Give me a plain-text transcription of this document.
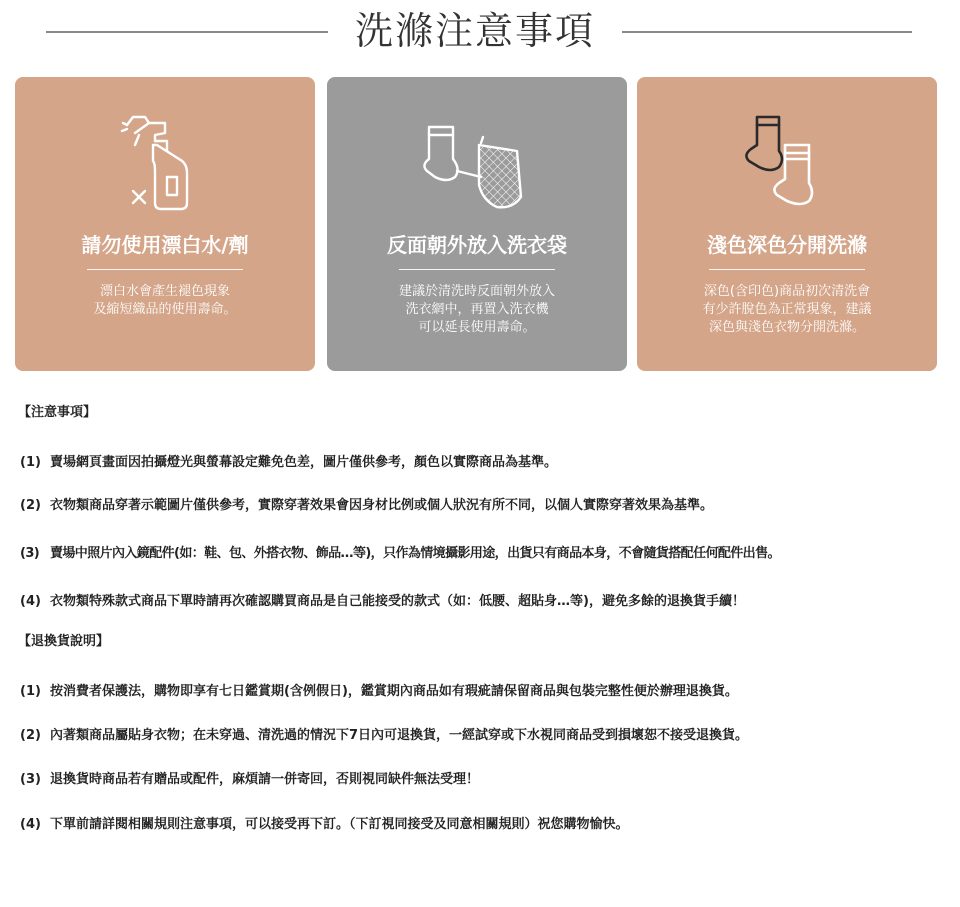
洗滌注意事項
請勿使用漂白水/劑
漂白水會產生褪色現象
及縮短織品的使用壽命。
反面朝外放入洗衣袋
建議於清洗時反面朝外放入
洗衣網中，再置入洗衣機
可以延長使用壽命。
淺色深色分開洗滌
深色(含印色)商品初次清洗會
有少許脫色為正常現象，建議
深色與淺色衣物分開洗滌。
【注意事項】
(1) 賣場網頁畫面因拍攝燈光與螢幕設定難免色差，圖片僅供參考，顏色以實際商品為基準。
(2) 衣物類商品穿著示範圖片僅供參考，實際穿著效果會因身材比例或個人狀況有所不同，以個人實際穿著效果為基準。
(3) 賣場中照片內入鏡配件(如：鞋、包、外搭衣物、飾品…等)，只作為情境攝影用途，出貨只有商品本身，不會隨貨搭配任何配件出售。
(4) 衣物類特殊款式商品下單時請再次確認購買商品是自己能接受的款式（如：低腰、超貼身…等)，避免多餘的退換貨手續！
【退換貨說明】
(1) 按消費者保護法，購物即享有七日鑑賞期(含例假日)，鑑賞期內商品如有瑕疵請保留商品與包裝完整性便於辦理退換貨。
(2) 內著類商品屬貼身衣物；在未穿過、清洗過的情況下7日內可退換貨，一經試穿或下水視同商品受到損壞恕不接受退換貨。
(3) 退換貨時商品若有贈品或配件，麻煩請一併寄回，否則視同缺件無法受理！
(4) 下單前請詳閱相關規則注意事項，可以接受再下訂。（下訂視同接受及同意相關規則）祝您購物愉快。
